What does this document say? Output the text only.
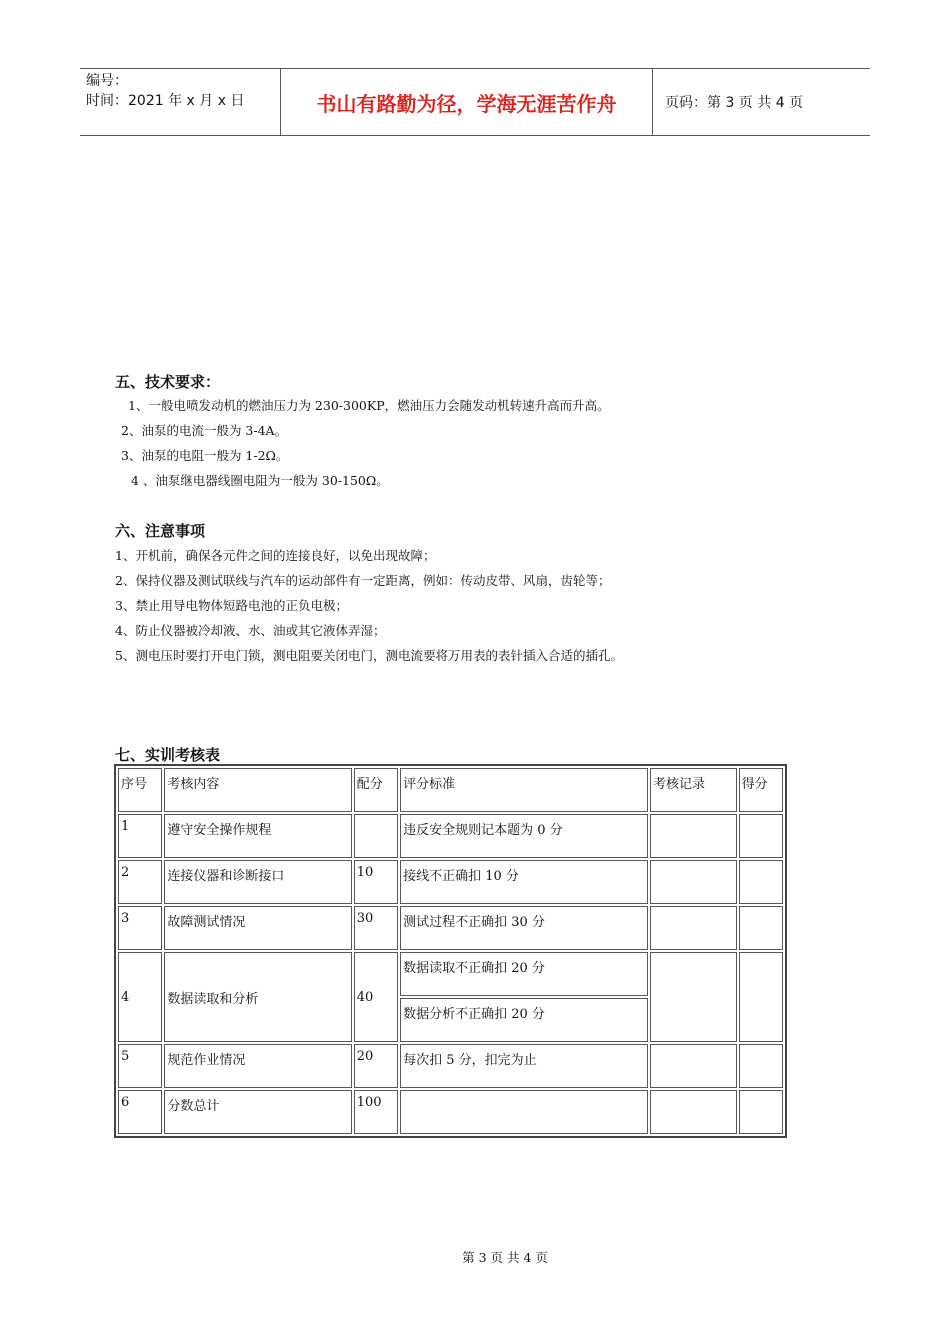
编号：
时间：2021 年 x 月 x 日	书山有路勤为径，学海无涯苦作舟	页码：第 3 页 共 4 页
五、技术要求：
1、一般电喷发动机的燃油压力为 230-300KP，燃油压力会随发动机转速升高而升高。
2、油泵的电流一般为 3-4A。
3、油泵的电阻一般为 1-2Ω。
4 、油泵继电器线圈电阻为一般为 30-150Ω。
六、注意事项
1、开机前，确保各元件之间的连接良好，以免出现故障；
2、保持仪器及测试联线与汽车的运动部件有一定距离，例如：传动皮带、风扇，齿轮等；
3、禁止用导电物体短路电池的正负电极；
4、防止仪器被冷却液、水、油或其它液体弄湿；
5、测电压时要打开电门锁，测电阻要关闭电门，测电流要将万用表的表针插入合适的插孔。
七、实训考核表
序号	考核内容	配分	评分标准	考核记录	得分
1	遵守安全操作规程		违反安全规则记本题为 0 分		
2	连接仪器和诊断接口	10	接线不正确扣 10 分		
3	故障测试情况	30	测试过程不正确扣 30 分		
4	数据读取和分析	40	数据读取不正确扣 20 分		
			数据分析不正确扣 20 分		
5	规范作业情况	20	每次扣 5 分，扣完为止		
6	分数总计	100			
第 3 页 共 4 页
